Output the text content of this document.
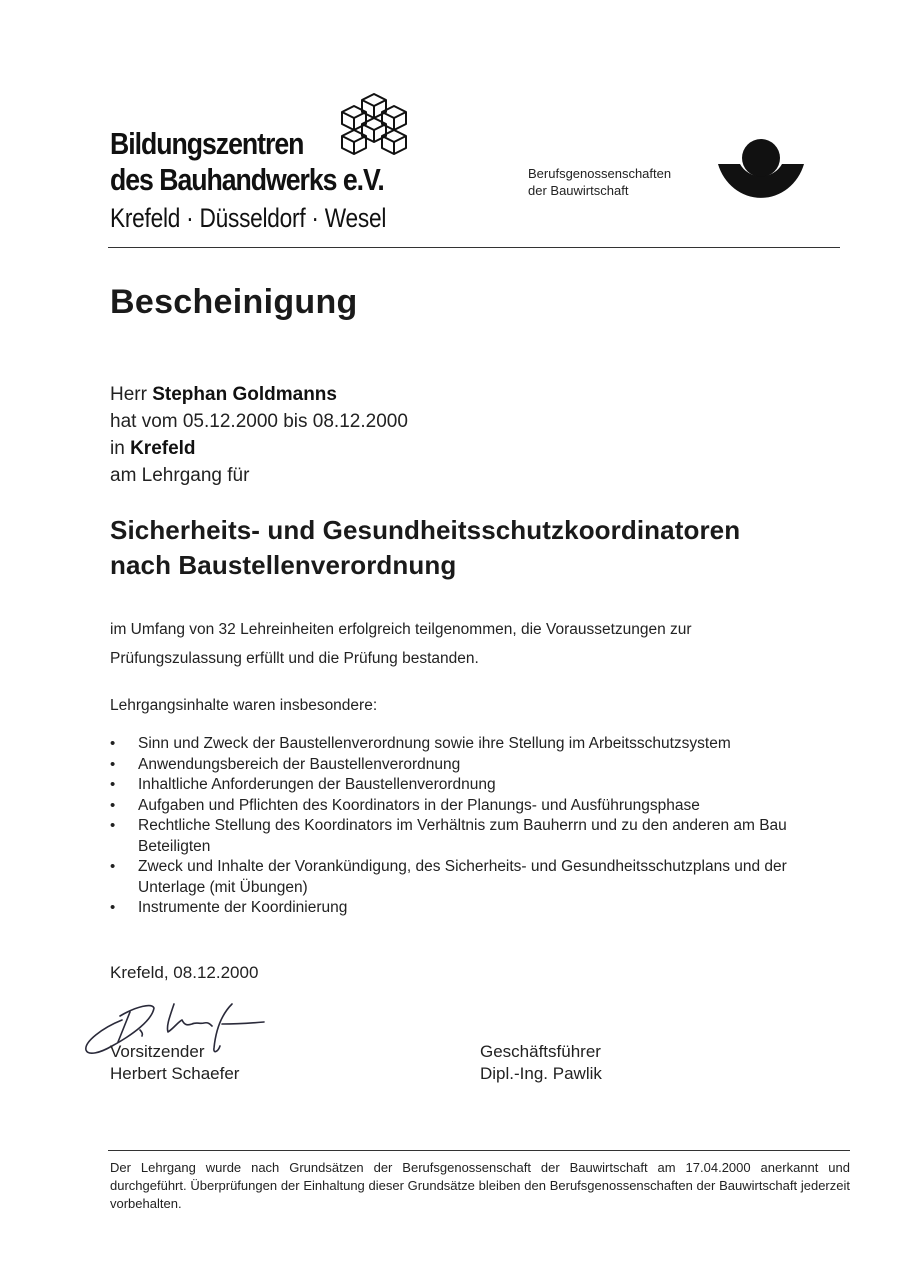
Bildungszentren
des Bauhandwerks e.V.
Krefeld · Düsseldorf · Wesel
Berufsgenossenschaften
der Bauwirtschaft
Bescheinigung
Herr Stephan Goldmanns
hat vom 05.12.2000 bis 08.12.2000
in Krefeld
am Lehrgang für
Sicherheits- und Gesundheitsschutzkoordinatoren
nach Baustellenverordnung
im Umfang von 32 Lehreinheiten erfolgreich teilgenommen, die Voraussetzungen zur
Prüfungszulassung erfüllt und die Prüfung bestanden.
Lehrgangsinhalte waren insbesondere:
• Sinn und Zweck der Baustellenverordnung sowie ihre Stellung im Arbeitsschutzsystem
• Anwendungsbereich der Baustellenverordnung
• Inhaltliche Anforderungen der Baustellenverordnung
• Aufgaben und Pflichten des Koordinators in der Planungs- und Ausführungsphase
• Rechtliche Stellung des Koordinators im Verhältnis zum Bauherrn und zu den anderen am Bau Beteiligten
• Zweck und Inhalte der Vorankündigung, des Sicherheits- und Gesundheitsschutzplans und der Unterlage (mit Übungen)
• Instrumente der Koordinierung
Krefeld, 08.12.2000
Vorsitzender
Herbert Schaefer
Geschäftsführer
Dipl.-Ing. Pawlik
Der Lehrgang wurde nach Grundsätzen der Berufsgenossenschaft der Bauwirtschaft am 17.04.2000 anerkannt und durchgeführt. Überprüfungen der Einhaltung dieser Grundsätze bleiben den Berufsgenossenschaften der Bauwirtschaft jederzeit vorbehalten.
